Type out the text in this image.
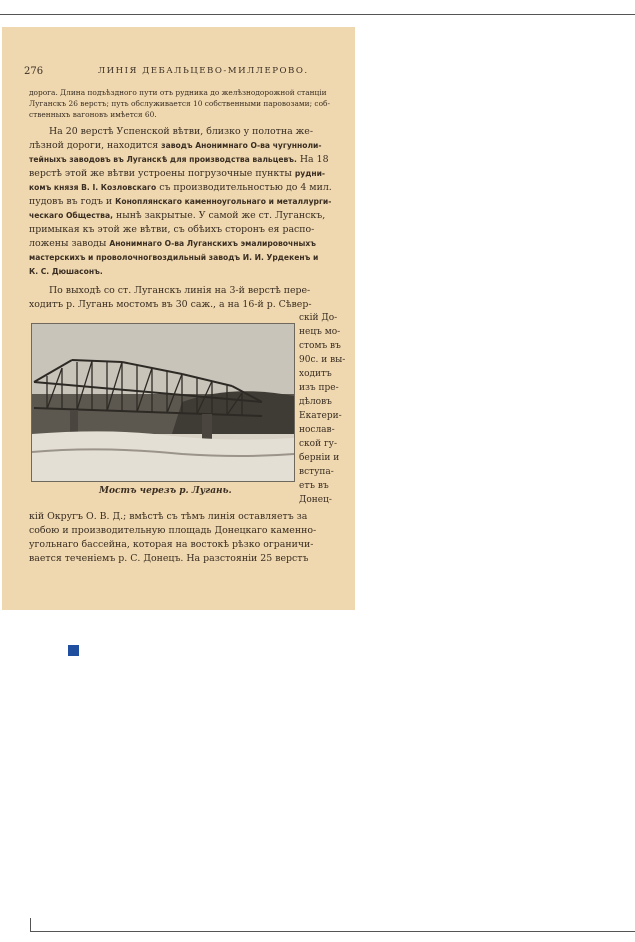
276	ЛИНІЯ ДЕБАЛЬЦЕВО-МИЛЛЕРОВО.
дорога. Длина подъѣздного пути отъ рудника до желѣзнодорожной станціи
Луганскъ 26 верстъ; путь обслуживается 10 собственными паровозами; соб-
ственныхъ вагоновъ имѣется 60.
На 20 верстѣ Успенской вѣтви, близко у полотна же-
лѣзной дороги, находится заводъ Анонимнаго О-ва чугунноли-
тейныхъ заводовъ въ Луганскѣ для производства вальцевъ. На 18
верстѣ этой же вѣтви устроены погрузочные пункты рудни-
комъ князя В. І. Козловскаго съ производительностью до 4 мил.
пудовъ въ годъ и Коноплянскаго каменноугольнаго и металлурги-
ческаго Общества, нынѣ закрытые. У самой же ст. Луганскъ,
примыкая къ этой же вѣтви, съ обѣихъ сторонъ ея распо-
ложены заводы Анонимнаго О-ва Луганскихъ эмалировочныхъ
мастерскихъ и проволочногвоздильный заводъ И. И. Урдекенъ и
К. С. Дюшасонъ.
По выходѣ со ст. Луганскъ линія на 3-й верстѣ пере-
ходитъ р. Лугань мостомъ въ 30 саж., а на 16-й р. Сѣвер-
скій До-
нецъ мо-
стомъ въ
90с. и вы-
ходитъ
изъ пре-
дѣловъ
Екатери-
нослав-
ской гу-
берніи и
вступа-
етъ въ
Донец-
Мостъ черезъ р. Лугань.
кій Округъ О. В. Д.; вмѣстѣ съ тѣмъ линія оставляетъ за
собою и производительную площадь Донецкаго каменно-
угольнаго бассейна, которая на востокѣ рѣзко ограничи-
вается теченіемъ р. С. Донецъ. На разстояніи 25 верстъ
